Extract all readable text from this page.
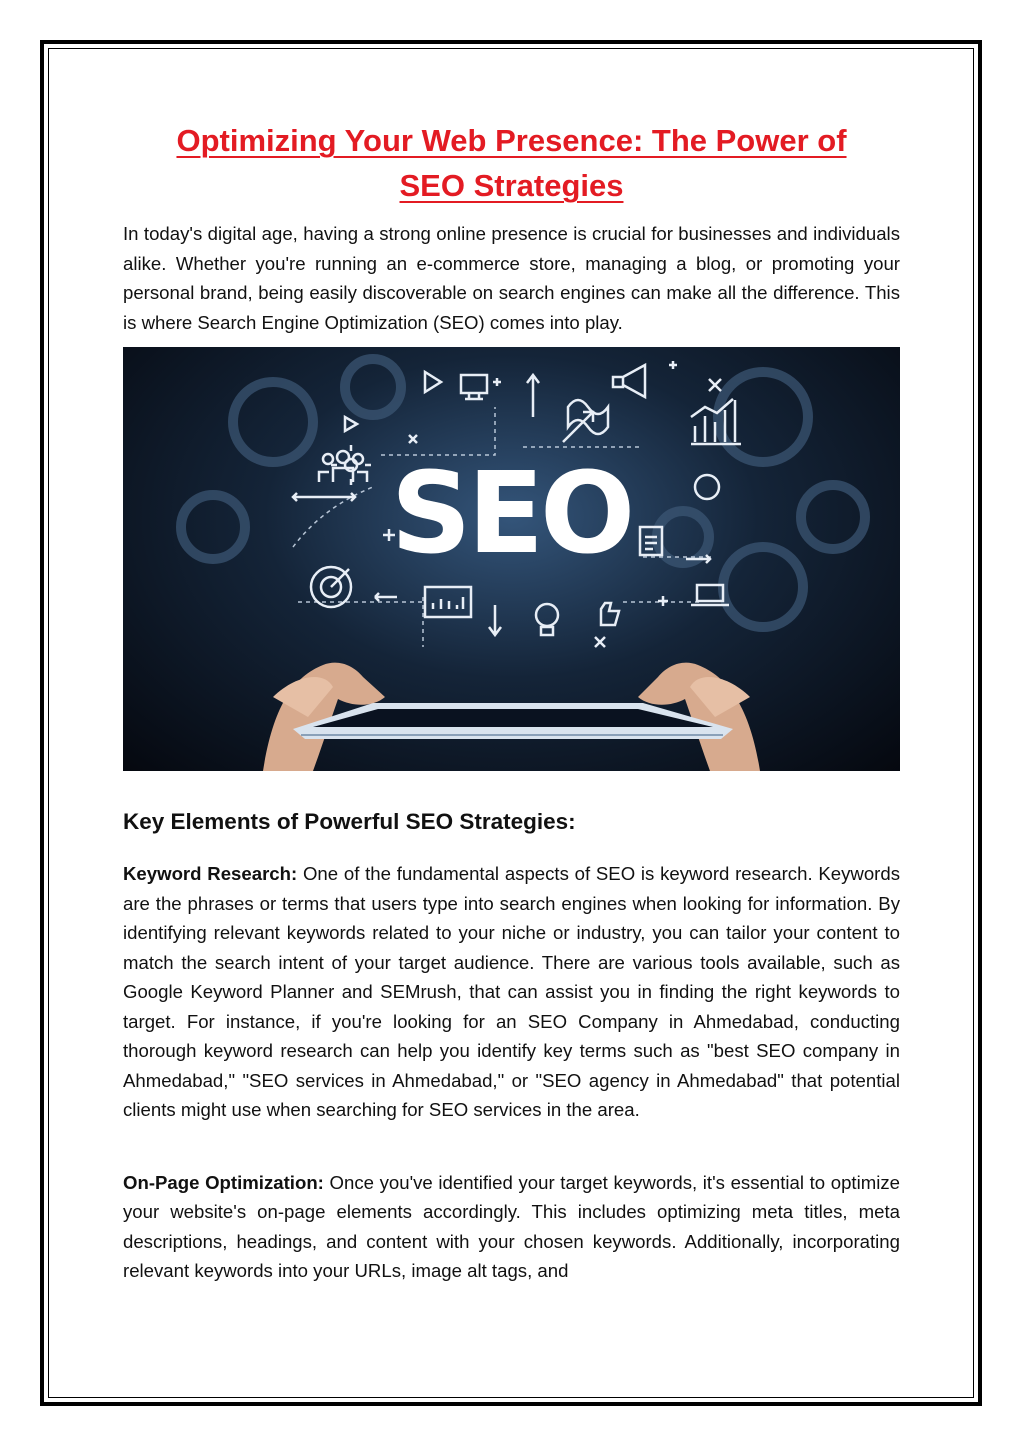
Optimizing Your Web Presence: The Power of SEO Strategies

In today's digital age, having a strong online presence is crucial for businesses and individuals alike. Whether you're running an e-commerce store, managing a blog, or promoting your personal brand, being easily discoverable on search engines can make all the difference. This is where Search Engine Optimization (SEO) comes into play.

SEO
Key Elements of Powerful SEO Strategies:

Keyword Research: One of the fundamental aspects of SEO is keyword research. Keywords are the phrases or terms that users type into search engines when looking for information. By identifying relevant keywords related to your niche or industry, you can tailor your content to match the search intent of your target audience. There are various tools available, such as Google Keyword Planner and SEMrush, that can assist you in finding the right keywords to target. For instance, if you're looking for an SEO Company in Ahmedabad, conducting thorough keyword research can help you identify key terms such as "best SEO company in Ahmedabad," "SEO services in Ahmedabad," or "SEO agency in Ahmedabad" that potential clients might use when searching for SEO services in the area.

On-Page Optimization: Once you've identified your target keywords, it's essential to optimize your website's on-page elements accordingly. This includes optimizing meta titles, meta descriptions, headings, and content with your chosen keywords. Additionally, incorporating relevant keywords into your URLs, image alt tags, and
